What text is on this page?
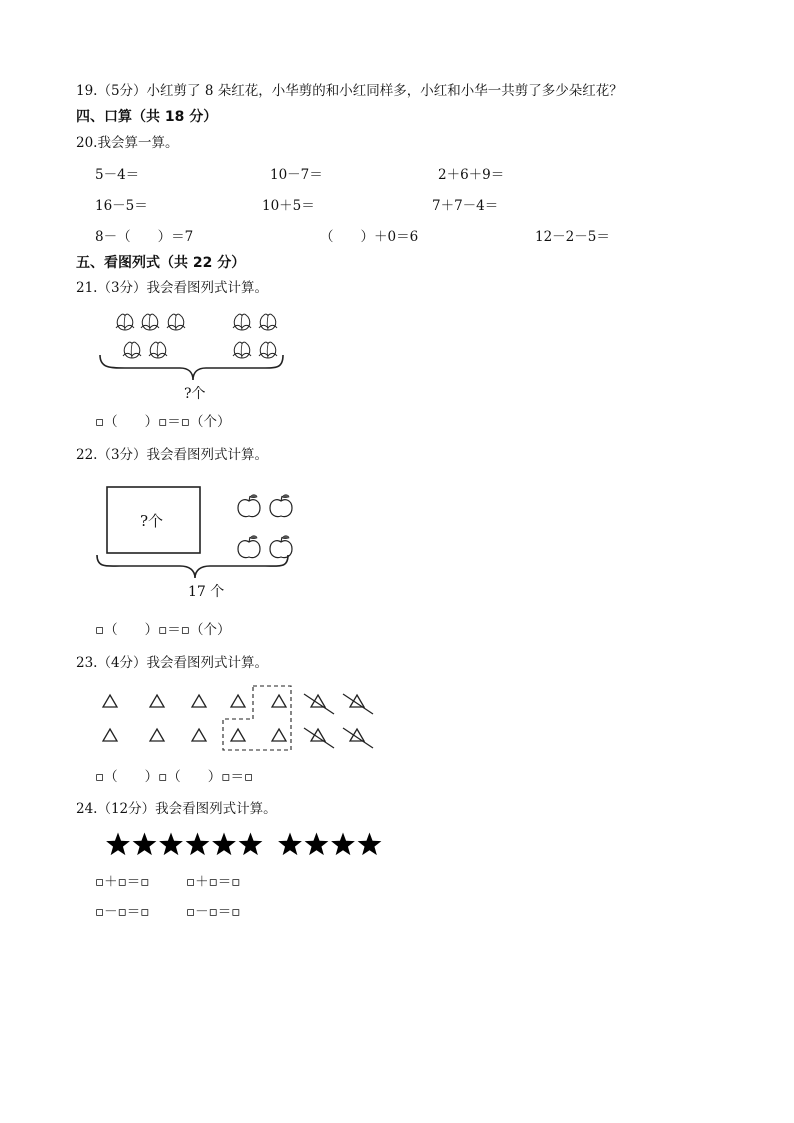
19.（5分）小红剪了 8 朵红花，小华剪的和小红同样多，小红和小华一共剪了多少朵红花？
四、口算（共 18 分）
20.我会算一算。
5－4＝	10－7＝	2＋6＋9＝
16－5＝	10＋5＝	7＋7－4＝
8－（　　）＝7	（　　）＋0＝6	12－2－5＝
五、看图列式（共 22 分）
21.（3分）我会看图列式计算。
?个
▫（　　）▫＝▫（个）
22.（3分）我会看图列式计算。
?个
17 个
▫（　　）▫＝▫（个）
23.（4分）我会看图列式计算。
▫（　　）▫（　　）▫＝▫
24.（12分）我会看图列式计算。
▫＋▫＝▫	▫＋▫＝▫
▫－▫＝▫	▫－▫＝▫
